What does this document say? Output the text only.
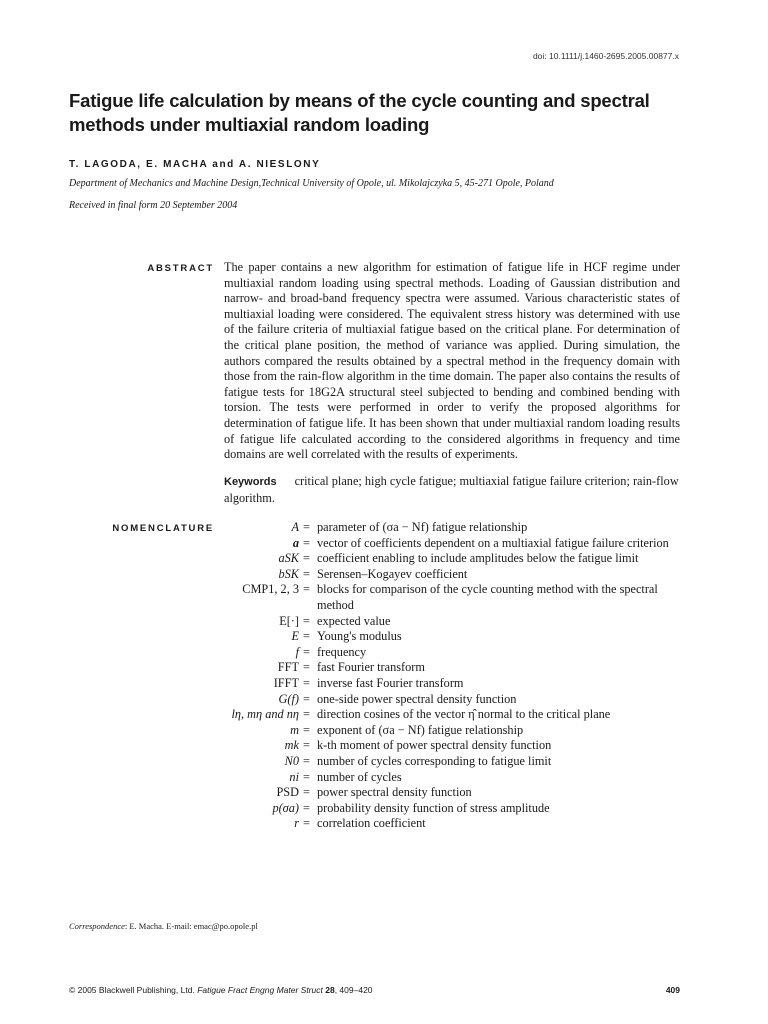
doi: 10.1111/j.1460-2695.2005.00877.x
Fatigue life calculation by means of the cycle counting and spectral methods under multiaxial random loading
T. LAGODA, E. MACHA and A. NIESLONY
Department of Mechanics and Machine Design,Technical University of Opole, ul. Mikolajczyka 5, 45-271 Opole, Poland
Received in final form 20 September 2004
ABSTRACT The paper contains a new algorithm for estimation of fatigue life in HCF regime under multiaxial random loading using spectral methods. Loading of Gaussian distribution and narrow- and broad-band frequency spectra were assumed. Various characteristic states of multiaxial loading were considered. The equivalent stress history was determined with use of the failure criteria of multiaxial fatigue based on the critical plane. For determination of the critical plane position, the method of variance was applied. During simulation, the authors compared the results obtained by a spectral method in the frequency domain with those from the rain-flow algorithm in the time domain. The paper also contains the results of fatigue tests for 18G2A structural steel subjected to bending and combined bending with torsion. The tests were performed in order to verify the proposed algorithms for determination of fatigue life. It has been shown that under multiaxial random loading results of fatigue life calculated according to the considered algorithms in frequency and time domains are well correlated with the results of experiments.
Keywords critical plane; high cycle fatigue; multiaxial fatigue failure criterion; rain-flow algorithm.
NOMENCLATURE	A = parameter of (σa − Nf) fatigue relationship
a = vector of coefficients dependent on a multiaxial fatigue failure criterion
aSK = coefficient enabling to include amplitudes below the fatigue limit
bSK = Serensen–Kogayev coefficient
CMP1, 2, 3 = blocks for comparison of the cycle counting method with the spectral method
E[·] = expected value
E = Young's modulus
f = frequency
FFT = fast Fourier transform
IFFT = inverse fast Fourier transform
G(f) = one-side power spectral density function
lη, mη and nη = direction cosines of the vector η̂ normal to the critical plane
m = exponent of (σa − Nf) fatigue relationship
mk = k-th moment of power spectral density function
N0 = number of cycles corresponding to fatigue limit
ni = number of cycles
PSD = power spectral density function
p(σa) = probability density function of stress amplitude
r = correlation coefficient
Correspondence: E. Macha. E-mail: emac@po.opole.pl
© 2005 Blackwell Publishing, Ltd. Fatigue Fract Engng Mater Struct 28, 409–420	409
